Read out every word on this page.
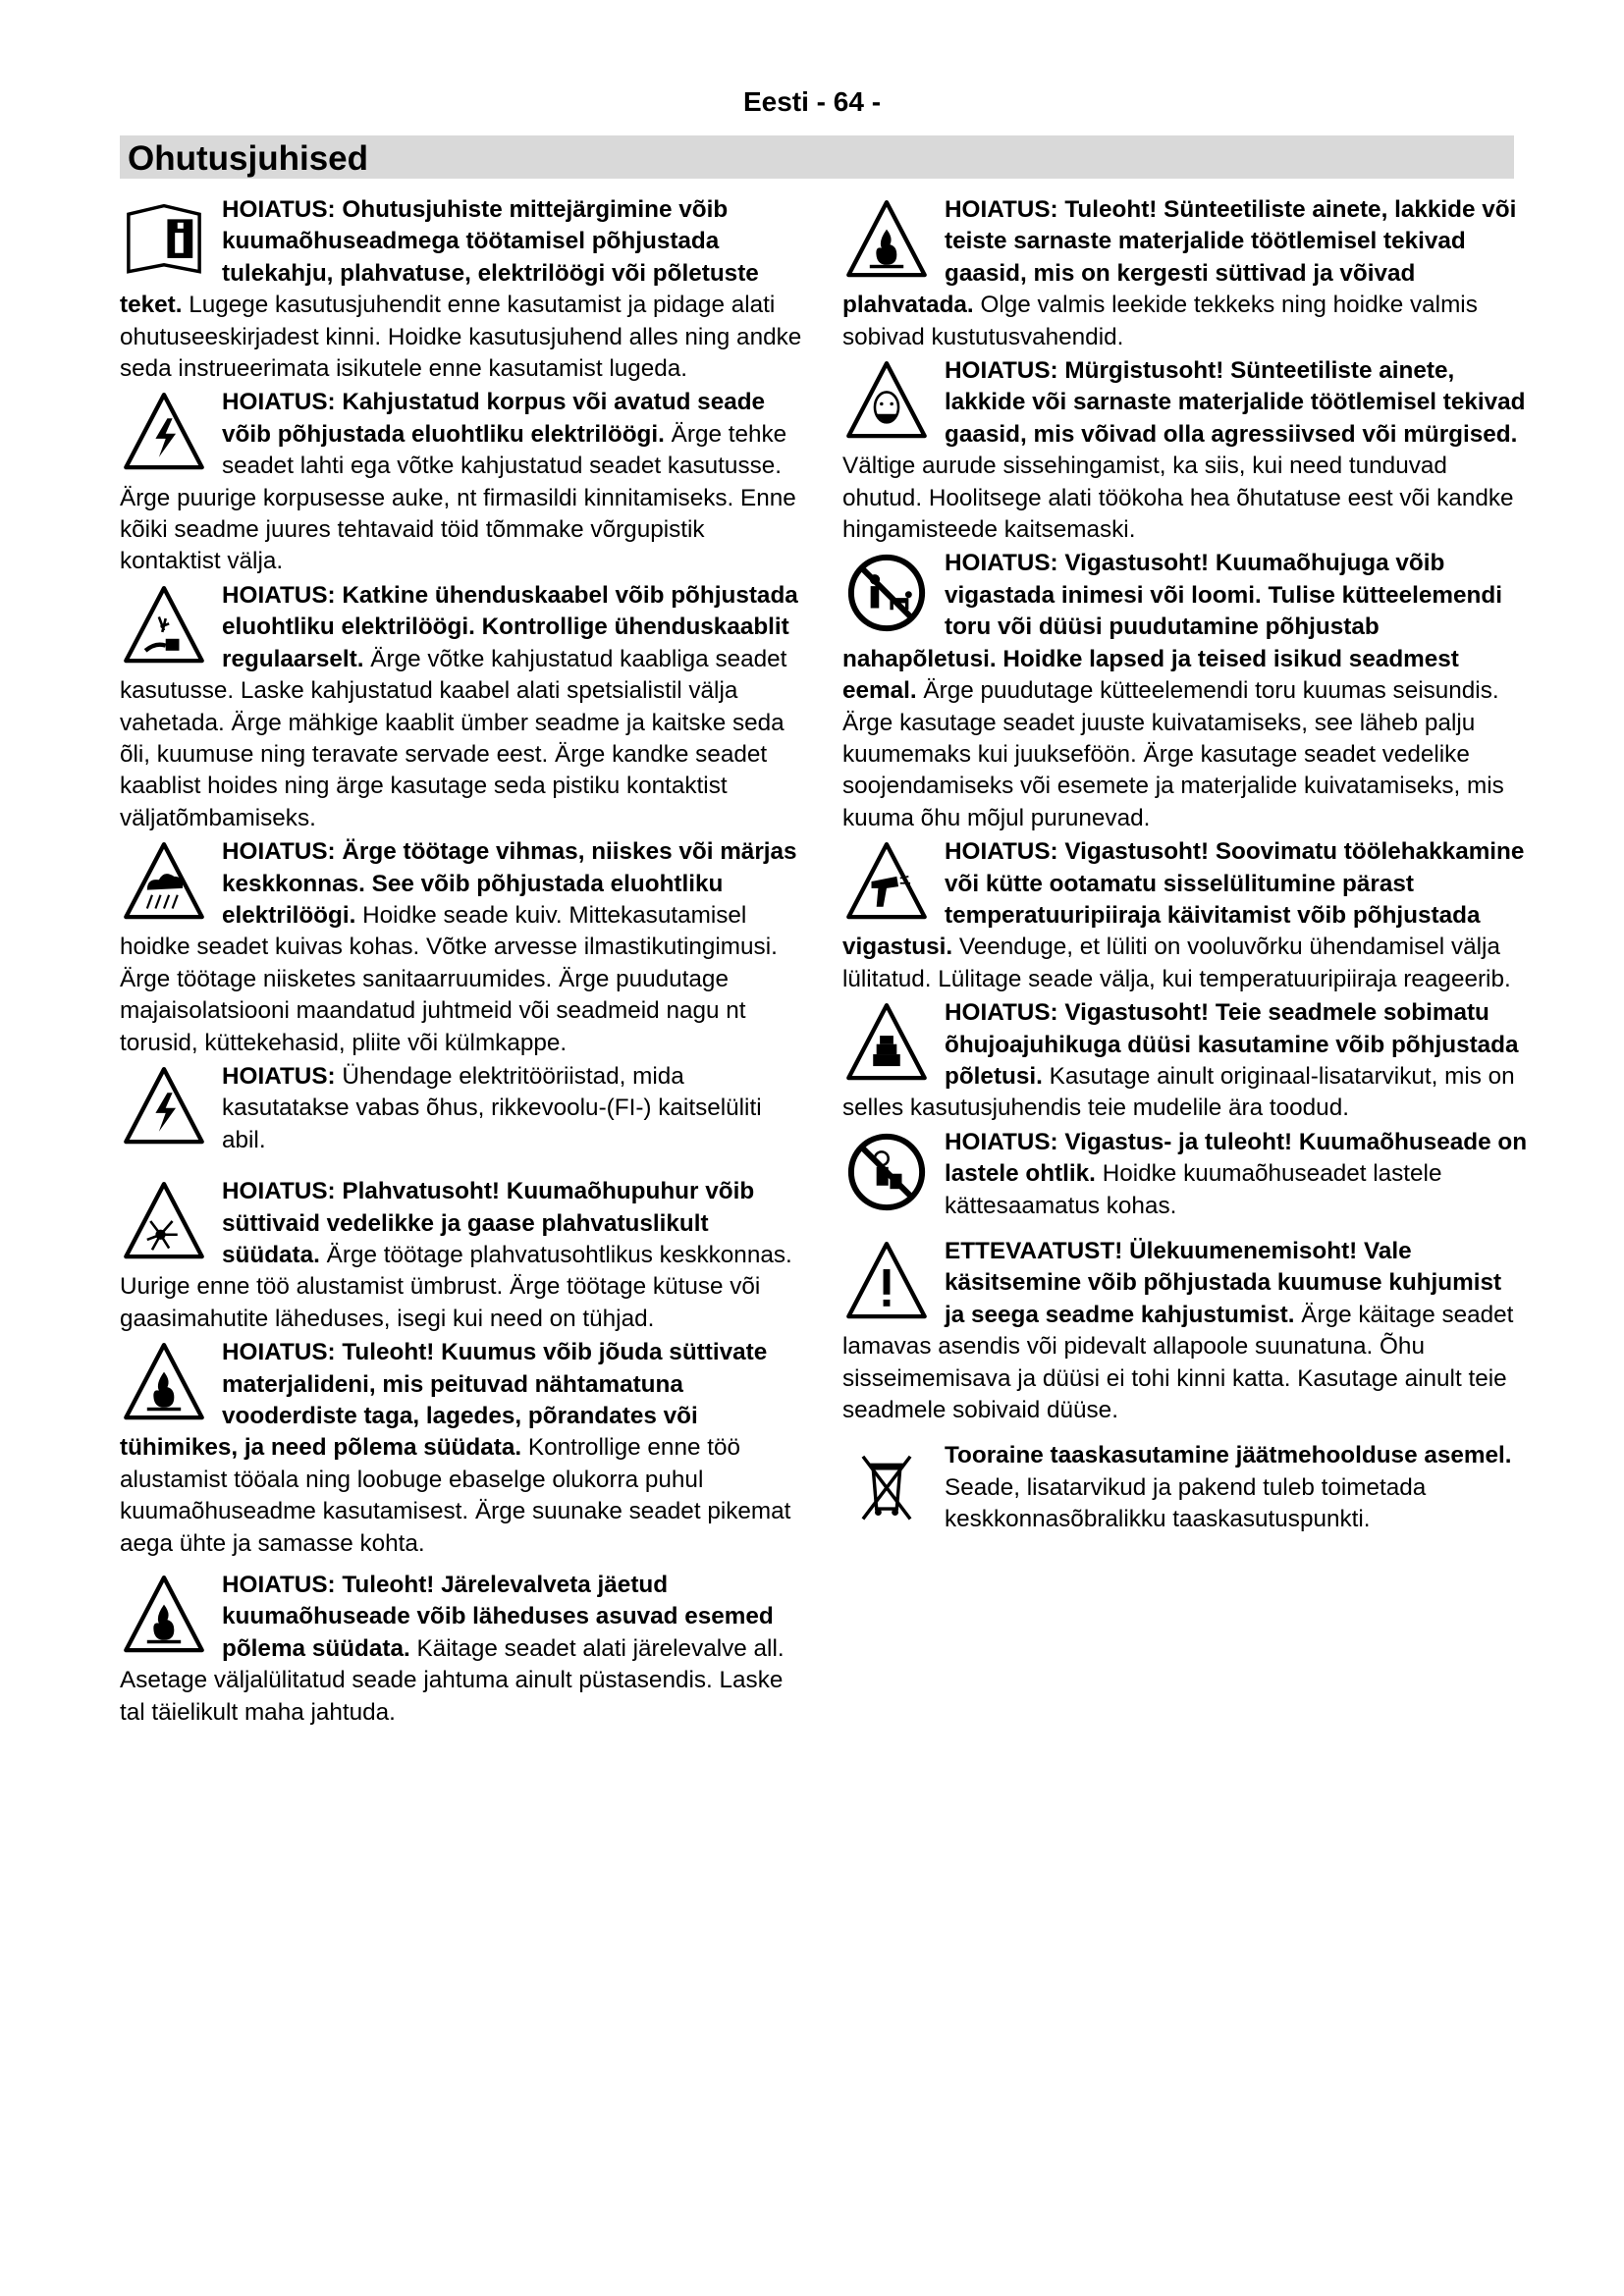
Eesti - 64 -
Ohutusjuhised

HOIATUS: Ohutusjuhiste mittejärgimine võib kuumaõhuseadmega töötamisel põhjustada tulekahju, plahvatuse, elektrilöögi või põletuste teket. Lugege kasutusjuhendit enne kasutamist ja pidage alati ohutuseeskirjadest kinni. Hoidke kasutusjuhend alles ning andke seda instrueerimata isikutele enne kasutamist lugeda.

HOIATUS: Kahjustatud korpus või avatud seade võib põhjustada eluohtliku elektrilöögi. Ärge tehke seadet lahti ega võtke kahjustatud seadet kasutusse. Ärge puurige korpusesse auke, nt firmasildi kinnitamiseks. Enne kõiki seadme juures tehtavaid töid tõmmake võrgupistik kontaktist välja.

HOIATUS: Katkine ühenduskaabel võib põhjustada eluohtliku elektrilöögi. Kontrollige ühenduskaablit regulaarselt. Ärge võtke kahjustatud kaabliga seadet kasutusse. Laske kahjustatud kaabel alati spetsialistil välja vahetada. Ärge mähkige kaablit ümber seadme ja kaitske seda õli, kuumuse ning teravate servade eest. Ärge kandke seadet kaablist hoides ning ärge kasutage seda pistiku kontaktist väljatõmbamiseks.

HOIATUS: Ärge töötage vihmas, niiskes või märjas keskkonnas. See võib põhjustada eluohtliku elektrilöögi. Hoidke seade kuiv. Mittekasutamisel hoidke seadet kuivas kohas. Võtke arvesse ilmastikutingimusi. Ärge töötage niisketes sanitaarruumides. Ärge puudutage majaisolatsiooni maandatud juhtmeid või seadmeid nagu nt torusid, küttekehasid, pliite või külmkappe.

HOIATUS: Ühendage elektritööriistad, mida kasutatakse vabas õhus, rikkevoolu-(FI-) kaitselüliti abil.

HOIATUS: Plahvatusoht! Kuumaõhupuhur võib süttivaid vedelikke ja gaase plahvatuslikult süüdata. Ärge töötage plahvatusohtlikus keskkonnas. Uurige enne töö alustamist ümbrust. Ärge töötage kütuse või gaasimahutite läheduses, isegi kui need on tühjad.

HOIATUS: Tuleoht! Kuumus võib jõuda süttivate materjalideni, mis peituvad nähtamatuna vooderdiste taga, lagedes, põrandates või tühimikes, ja need põlema süüdata. Kontrollige enne töö alustamist tööala ning loobuge ebaselge olukorra puhul kuumaõhuseadme kasutamisest. Ärge suunake seadet pikemat aega ühte ja samasse kohta.

HOIATUS: Tuleoht! Järelevalveta jäetud kuumaõhuseade võib läheduses asuvad esemed põlema süüdata. Käitage seadet alati järelevalve all. Asetage väljalülitatud seade jahtuma ainult püstasendis. Laske tal täielikult maha jahtuda.

HOIATUS: Tuleoht! Sünteetiliste ainete, lakkide või teiste sarnaste materjalide töötlemisel tekivad gaasid, mis on kergesti süttivad ja võivad plahvatada. Olge valmis leekide tekkeks ning hoidke valmis sobivad kustutusvahendid.

HOIATUS: Mürgistusoht! Sünteetiliste ainete, lakkide või sarnaste materjalide töötlemisel tekivad gaasid, mis võivad olla agressiivsed või mürgised. Vältige aurude sissehingamist, ka siis, kui need tunduvad ohutud. Hoolitsege alati töökoha hea õhutatuse eest või kandke hingamisteede kaitsemaski.

HOIATUS: Vigastusoht! Kuumaõhujuga võib vigastada inimesi või loomi. Tulise kütteelemendi toru või düüsi puudutamine põhjustab nahapõletusi. Hoidke lapsed ja teised isikud seadmest eemal. Ärge puudutage kütteelemendi toru kuumas seisundis. Ärge kasutage seadet juuste kuivatamiseks, see läheb palju kuumemaks kui juukseföön. Ärge kasutage seadet vedelike soojendamiseks või esemete ja materjalide kuivatamiseks, mis kuuma õhu mõjul purunevad.

HOIATUS: Vigastusoht! Soovimatu töölehakkamine või kütte ootamatu sisselülitumine pärast temperatuuripiiraja käivitamist võib põhjustada vigastusi. Veenduge, et lüliti on vooluvõrku ühendamisel välja lülitatud. Lülitage seade välja, kui temperatuuripiiraja reageerib.

HOIATUS: Vigastusoht! Teie seadmele sobimatu õhujoajuhikuga düüsi kasutamine võib põhjustada põletusi. Kasutage ainult originaal-lisatarvikut, mis on selles kasutusjuhendis teie mudelile ära toodud.

HOIATUS: Vigastus- ja tuleoht! Kuumaõhuseade on lastele ohtlik. Hoidke kuumaõhuseadet lastele kättesaamatus kohas.

ETTEVAATUST! Ülekuumenemisoht! Vale käsitsemine võib põhjustada kuumuse kuhjumist ja seega seadme kahjustumist. Ärge käitage seadet lamavas asendis või pidevalt allapoole suunatuna. Õhu sisseimemisava ja düüsi ei tohi kinni katta. Kasutage ainult teie seadmele sobivaid düüse.

Tooraine taaskasutamine jäätmehoolduse asemel. Seade, lisatarvikud ja pakend tuleb toimetada keskkonnasõbralikku taaskasutuspunkti.
